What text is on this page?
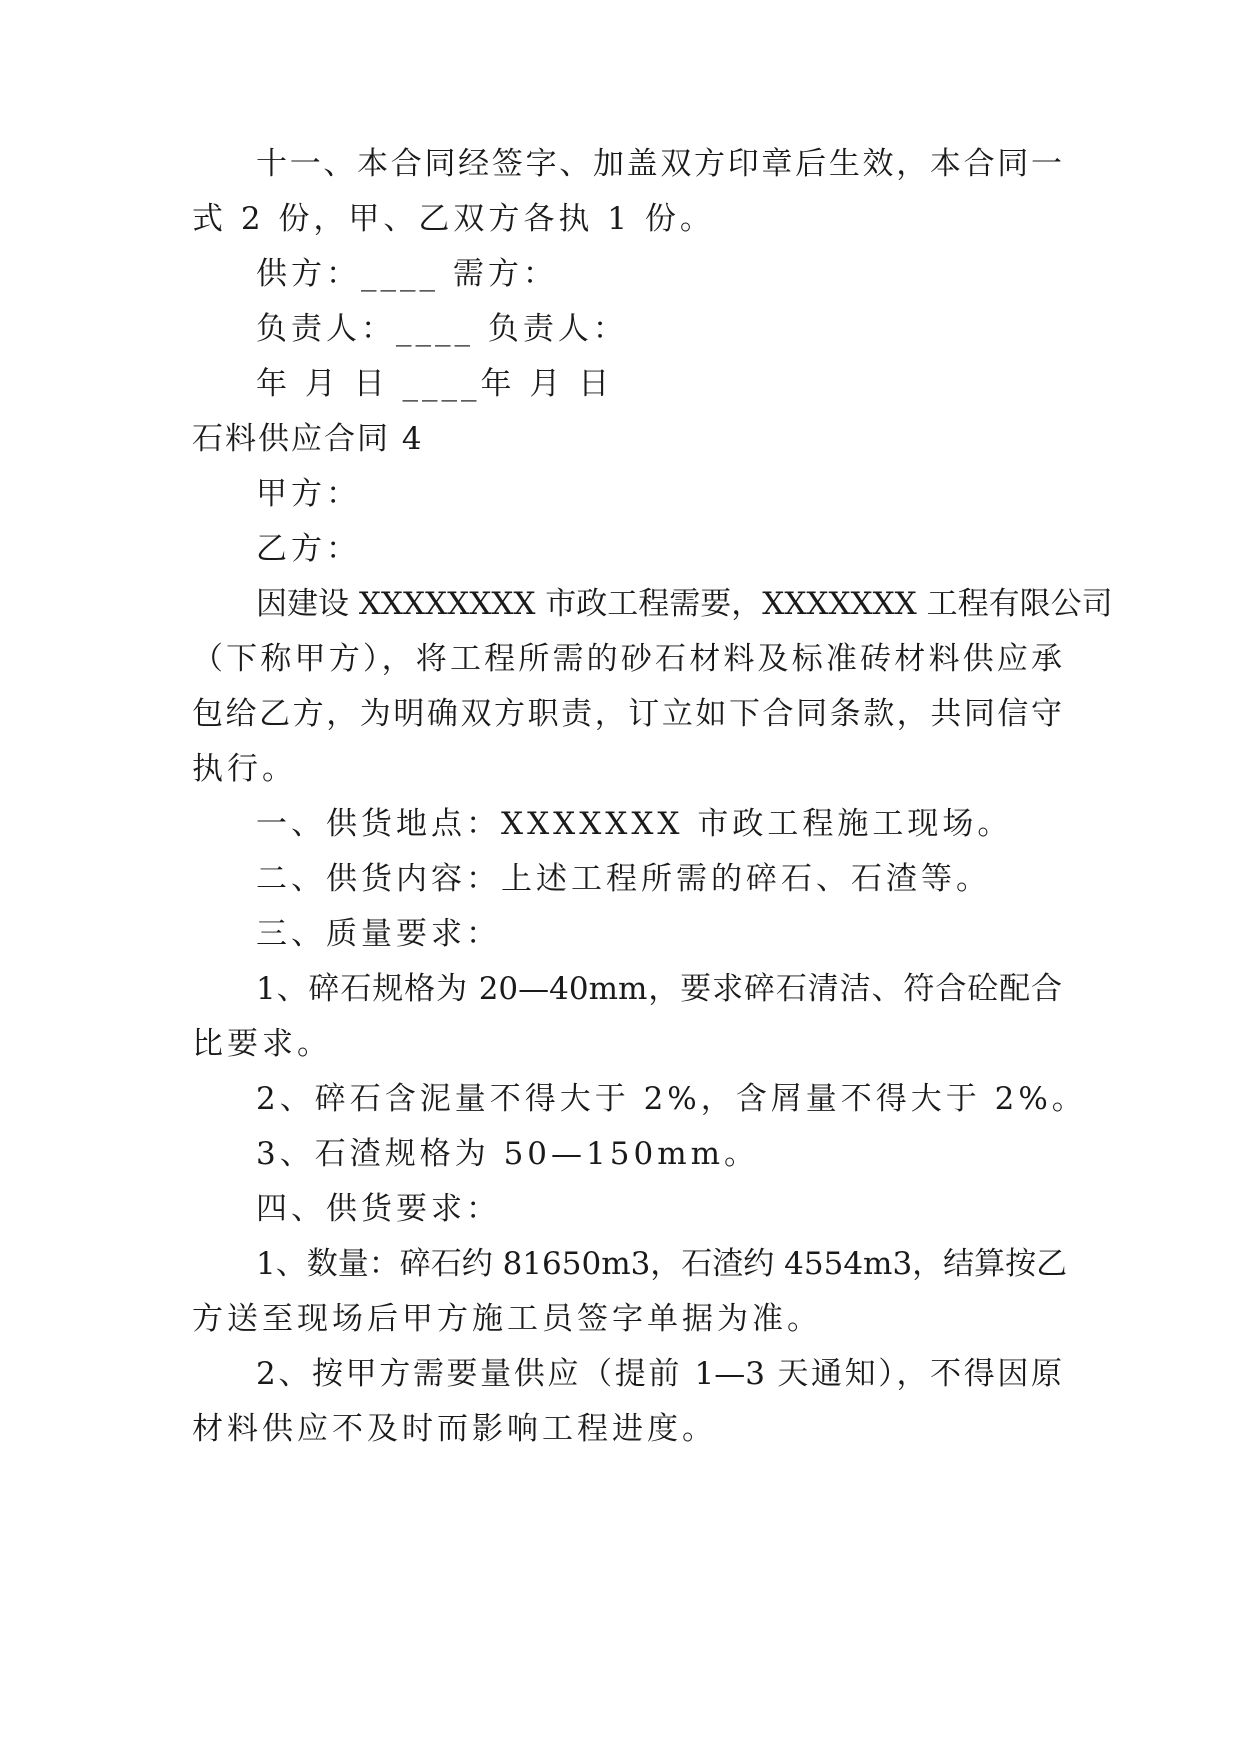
十一、本合同经签字、加盖双方印章后生效，本合同一
式 2 份，甲、乙双方各执 1 份。
供方：____ 需方：
负责人：____ 负责人：
年 月 日 ____年 月 日
石料供应合同 4
甲方：
乙方：
因建设 XXXXXXXX 市政工程需要，XXXXXXX 工程有限公司
（下称甲方），将工程所需的砂石材料及标准砖材料供应承
包给乙方，为明确双方职责，订立如下合同条款，共同信守
执行。
一、供货地点：XXXXXXX 市政工程施工现场。
二、供货内容：上述工程所需的碎石、石渣等。
三、质量要求：
1、碎石规格为 20—40mm，要求碎石清洁、符合砼配合
比要求。
2、碎石含泥量不得大于 2%，含屑量不得大于 2%。
3、石渣规格为 50—150mm。
四、供货要求：
1、数量：碎石约 81650m3，石渣约 4554m3，结算按乙
方送至现场后甲方施工员签字单据为准。
2、按甲方需要量供应（提前 1—3 天通知），不得因原
材料供应不及时而影响工程进度。
